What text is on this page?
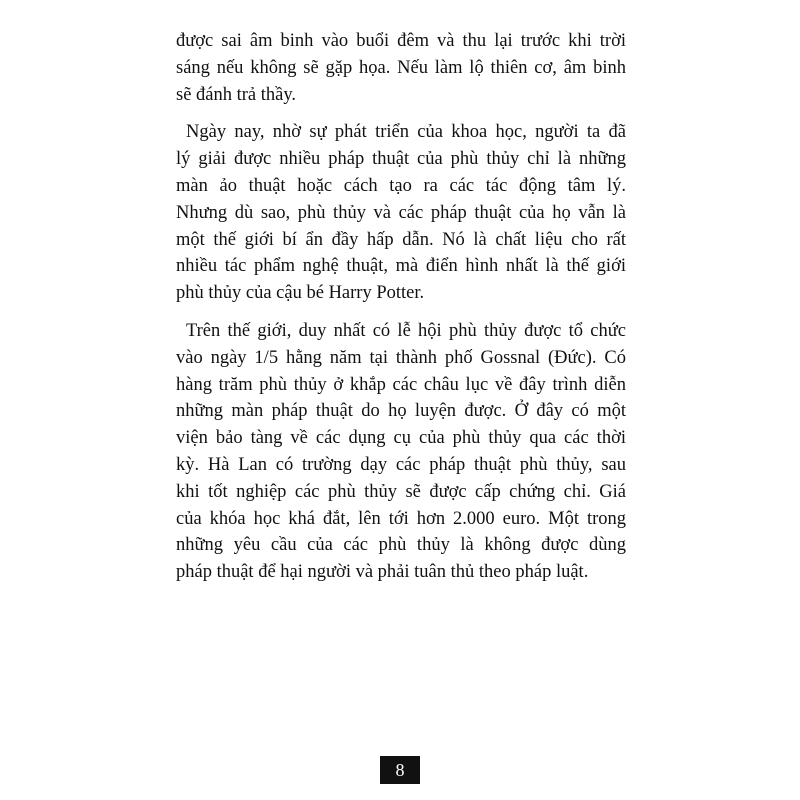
được sai âm binh vào buổi đêm và thu lại trước khi trời
sáng nếu không sẽ gặp họa. Nếu làm lộ thiên cơ, âm binh
sẽ đánh trả thầy.

Ngày nay, nhờ sự phát triển của khoa học, người ta đã
lý giải được nhiều pháp thuật của phù thủy chỉ là những
màn ảo thuật hoặc cách tạo ra các tác động tâm lý.
Nhưng dù sao, phù thủy và các pháp thuật của họ vẫn là
một thế giới bí ẩn đầy hấp dẫn. Nó là chất liệu cho rất
nhiều tác phẩm nghệ thuật, mà điển hình nhất là thế giới
phù thủy của cậu bé Harry Potter.

Trên thế giới, duy nhất có lễ hội phù thủy được tổ chức
vào ngày 1/5 hằng năm tại thành phố Gossnal (Đức). Có
hàng trăm phù thủy ở khắp các châu lục về đây trình diễn
những màn pháp thuật do họ luyện được. Ở đây có một
viện bảo tàng về các dụng cụ của phù thủy qua các thời
kỳ. Hà Lan có trường dạy các pháp thuật phù thủy, sau
khi tốt nghiệp các phù thủy sẽ được cấp chứng chỉ. Giá
của khóa học khá đắt, lên tới hơn 2.000 euro. Một trong
những yêu cầu của các phù thủy là không được dùng
pháp thuật để hại người và phải tuân thủ theo pháp luật.

8
